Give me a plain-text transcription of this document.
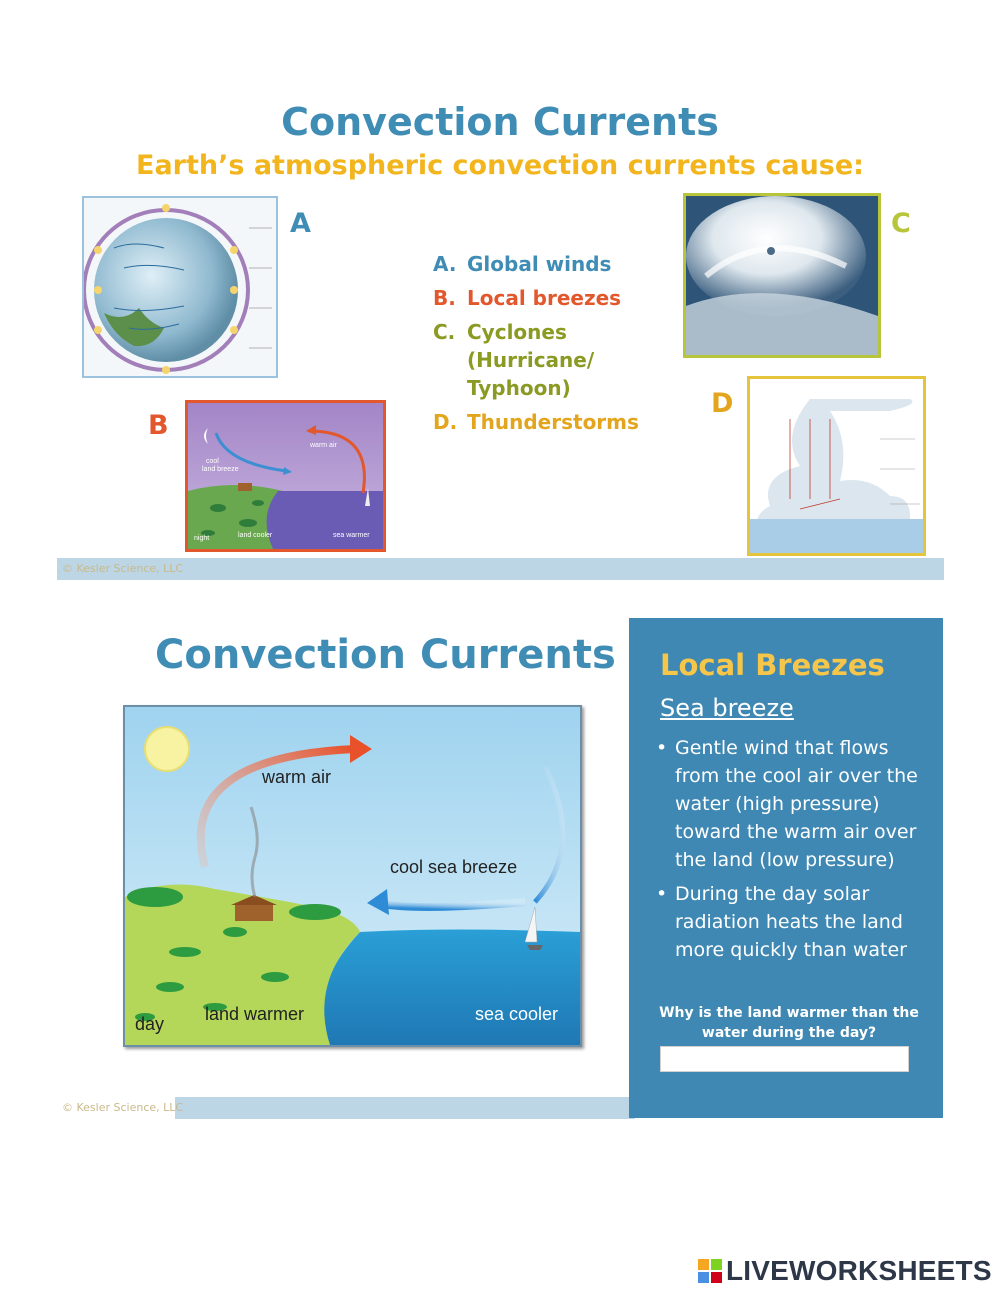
Convection Currents
Earth’s atmospheric convection currents cause:
A
B
warm air
cool
land breeze
night	land cooler	sea warmer
A. Global winds
B. Local breezes
C. Cyclones
(Hurricane/
Typhoon)
D. Thunderstorms
C
D
© Kesler Science, LLC
Convection Currents
warm air
cool sea breeze
day land warmer	sea cooler
© Kesler Science, LLC
Local Breezes
Sea breeze
• Gentle wind that flows
from the cool air over the
water (high pressure)
toward the warm air over
the land (low pressure)
• During the day solar
radiation heats the land
more quickly than water
Why is the land warmer than the
water during the day?
LIVEWORKSHEETS
